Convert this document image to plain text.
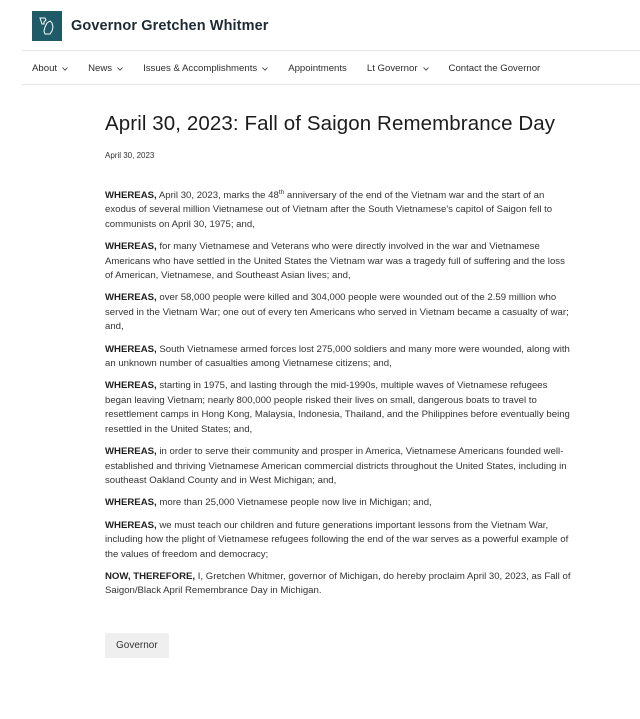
Governor Gretchen Whitmer
About	News	Issues & Accomplishments	Appointments Lt Governor	Contact the Governor
April 30, 2023: Fall of Saigon Remembrance Day
April 30, 2023

WHEREAS, April 30, 2023, marks the 48th anniversary of the end of the Vietnam war and the start of an exodus of several million Vietnamese out of Vietnam after the South Vietnamese's capitol of Saigon fell to communists on April 30, 1975; and,

WHEREAS, for many Vietnamese and Veterans who were directly involved in the war and Vietnamese Americans who have settled in the United States the Vietnam war was a tragedy full of suffering and the loss of American, Vietnamese, and Southeast Asian lives; and,

WHEREAS, over 58,000 people were killed and 304,000 people were wounded out of the 2.59 million who served in the Vietnam War; one out of every ten Americans who served in Vietnam became a casualty of war; and,

WHEREAS, South Vietnamese armed forces lost 275,000 soldiers and many more were wounded, along with an unknown number of casualties among Vietnamese citizens; and,

WHEREAS, starting in 1975, and lasting through the mid-1990s, multiple waves of Vietnamese refugees began leaving Vietnam; nearly 800,000 people risked their lives on small, dangerous boats to travel to resettlement camps in Hong Kong, Malaysia, Indonesia, Thailand, and the Philippines before eventually being resettled in the United States; and,

WHEREAS, in order to serve their community and prosper in America, Vietnamese Americans founded well-established and thriving Vietnamese American commercial districts throughout the United States, including in southeast Oakland County and in West Michigan; and,

WHEREAS, more than 25,000 Vietnamese people now live in Michigan; and,

WHEREAS, we must teach our children and future generations important lessons from the Vietnam War, including how the plight of Vietnamese refugees following the end of the war serves as a powerful example of the values of freedom and democracy;

NOW, THEREFORE, I, Gretchen Whitmer, governor of Michigan, do hereby proclaim April 30, 2023, as Fall of Saigon/Black April Remembrance Day in Michigan.

Governor
